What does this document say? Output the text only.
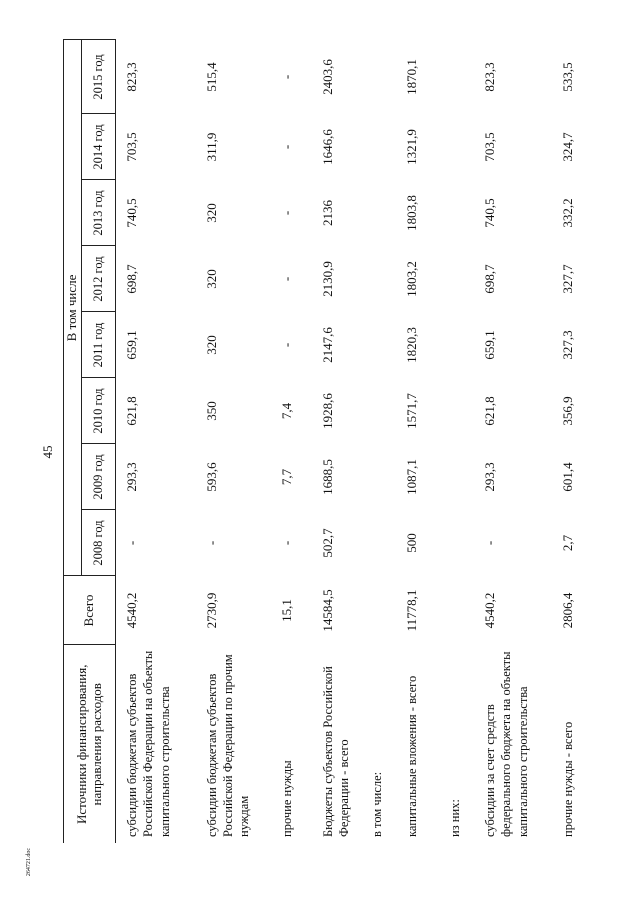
45
264721.doc
Источники финансирования, направления расходов	Всего	В том числе							
		2008 год	2009 год	2010 год	2011 год	2012 год	2013 год	2014 год	2015 год
субсидии бюджетам субъектов Российской Федерации на объекты капитального строительства	4540,2	-	293,3	621,8	659,1	698,7	740,5	703,5	823,3
субсидии бюджетам субъектов Российской Федерации по прочим нуждам	2730,9	-	593,6	350	320	320	320	311,9	515,4
прочие нужды	15,1	-	7,7	7,4	-	-	-	-	-
Бюджеты субъектов Российской Федерации - всего	14584,5	502,7	1688,5	1928,6	2147,6	2130,9	2136	1646,6	2403,6
в том числе:									
капитальные вложения - всего	11778,1	500	1087,1	1571,7	1820,3	1803,2	1803,8	1321,9	1870,1
из них:									
субсидии за счет средств федерального бюджета на объекты капитального строительства	4540,2	-	293,3	621,8	659,1	698,7	740,5	703,5	823,3
прочие нужды - всего	2806,4	2,7	601,4	356,9	327,3	327,7	332,2	324,7	533,5
